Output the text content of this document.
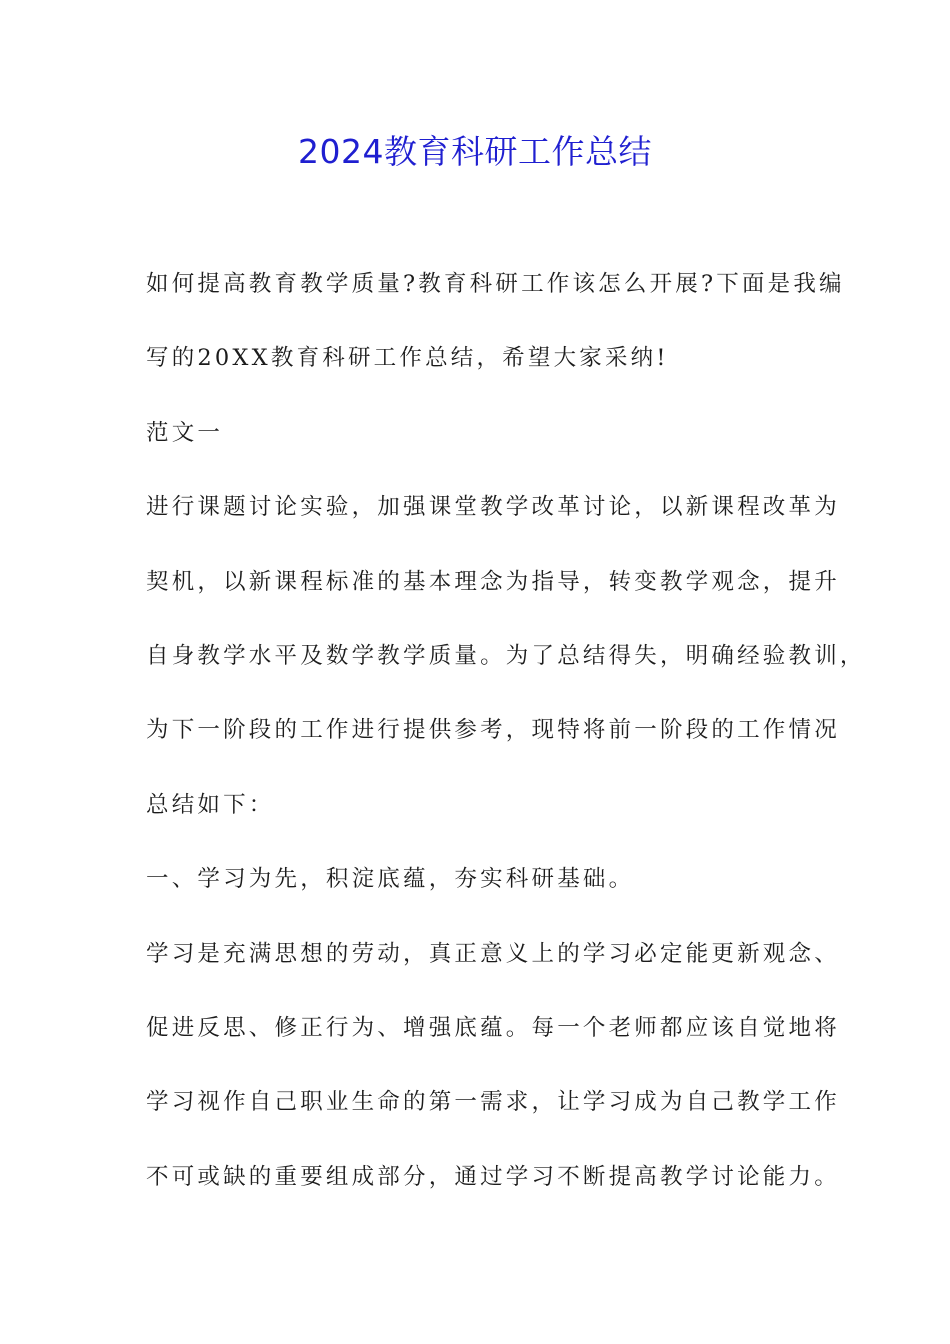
2024教育科研工作总结
如何提高教育教学质量?教育科研工作该怎么开展?下面是我编
写的20XX教育科研工作总结，希望大家采纳!
范文一
进行课题讨论实验，加强课堂教学改革讨论，以新课程改革为
契机，以新课程标准的基本理念为指导，转变教学观念，提升
自身教学水平及数学教学质量。为了总结得失，明确经验教训，
为下一阶段的工作进行提供参考，现特将前一阶段的工作情况
总结如下：
一、学习为先，积淀底蕴，夯实科研基础。
学习是充满思想的劳动，真正意义上的学习必定能更新观念、
促进反思、修正行为、增强底蕴。每一个老师都应该自觉地将
学习视作自己职业生命的第一需求，让学习成为自己教学工作
不可或缺的重要组成部分，通过学习不断提高教学讨论能力。
